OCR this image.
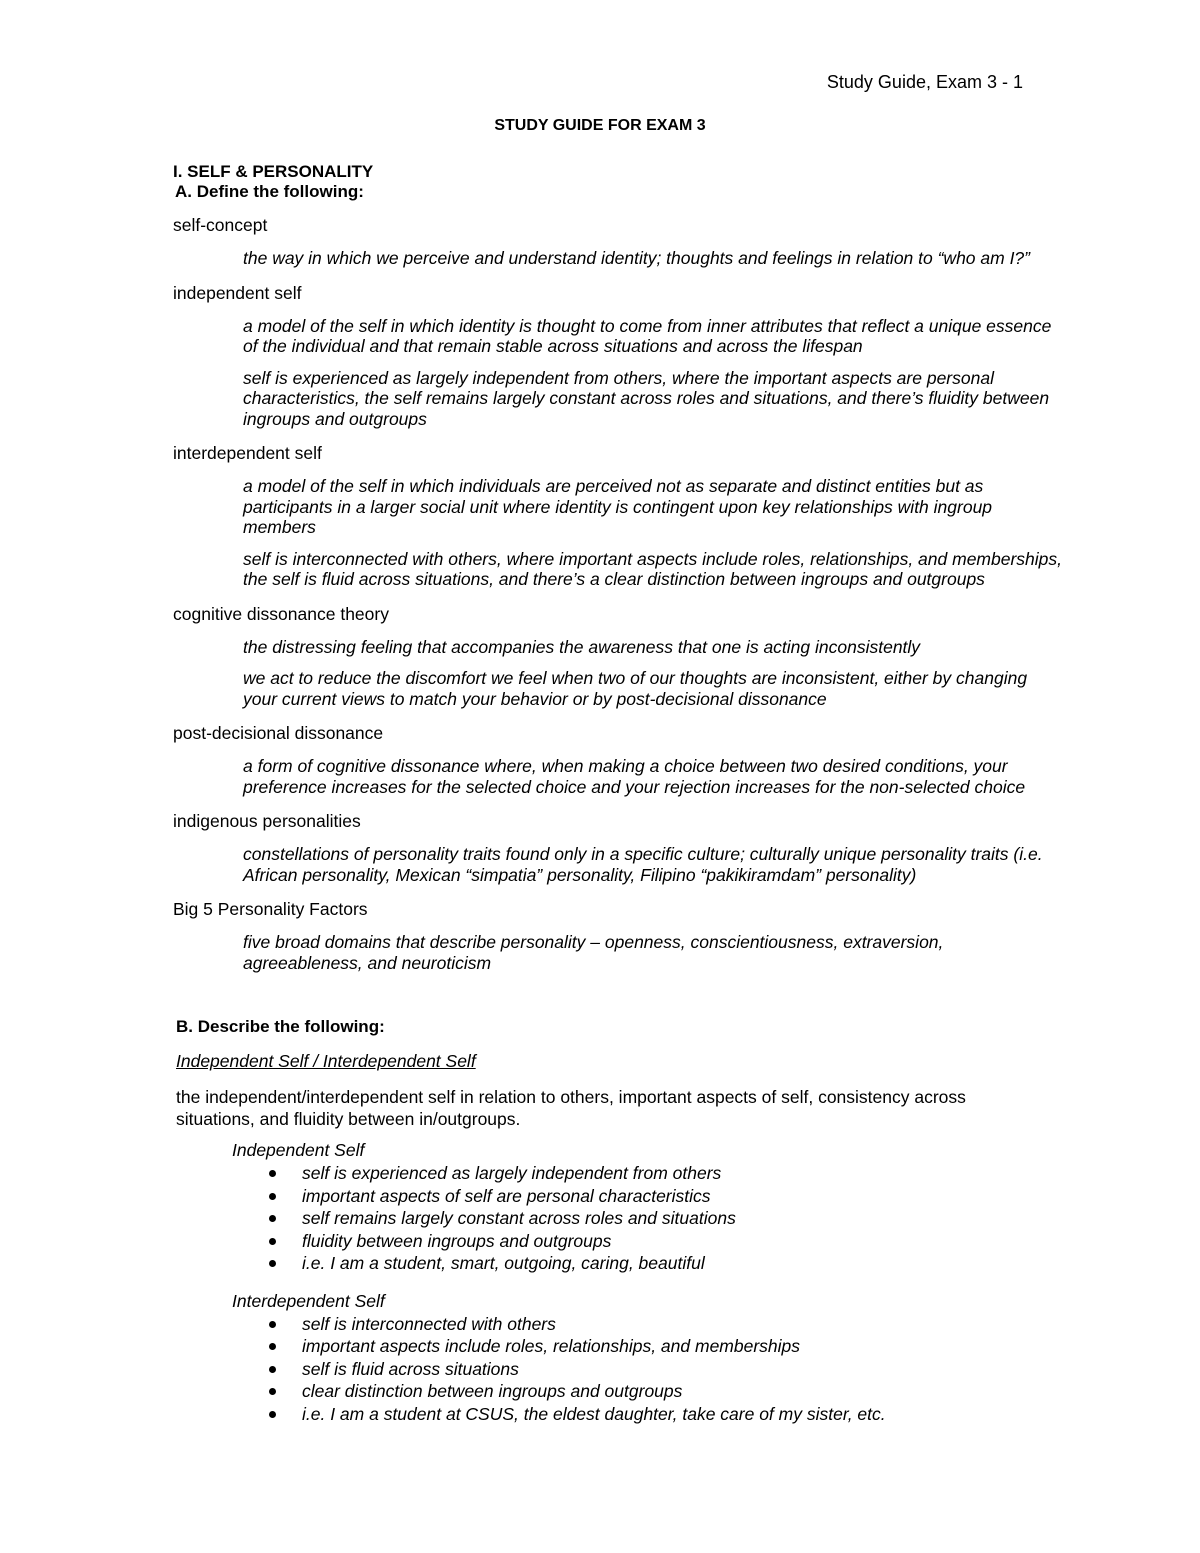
Study Guide, Exam 3 - 1
STUDY GUIDE FOR EXAM 3
I. SELF & PERSONALITY
A. Define the following:
self-concept
the way in which we perceive and understand identity; thoughts and feelings in relation to “who am I?”
independent self
a model of the self in which identity is thought to come from inner attributes that reflect a unique essence of the individual and that remain stable across situations and across the lifespan
self is experienced as largely independent from others, where the important aspects are personal characteristics, the self remains largely constant across roles and situations, and there’s fluidity between ingroups and outgroups
interdependent self
a model of the self in which individuals are perceived not as separate and distinct entities but as participants in a larger social unit where identity is contingent upon key relationships with ingroup members
self is interconnected with others, where important aspects include roles, relationships, and memberships, the self is fluid across situations, and there’s a clear distinction between ingroups and outgroups
cognitive dissonance theory
the distressing feeling that accompanies the awareness that one is acting inconsistently
we act to reduce the discomfort we feel when two of our thoughts are inconsistent, either by changing your current views to match your behavior or by post-decisional dissonance
post-decisional dissonance
a form of cognitive dissonance where, when making a choice between two desired conditions, your preference increases for the selected choice and your rejection increases for the non-selected choice
indigenous personalities
constellations of personality traits found only in a specific culture; culturally unique personality traits (i.e. African personality, Mexican “simpatia” personality, Filipino “pakikiramdam” personality)
Big 5 Personality Factors
five broad domains that describe personality – openness, conscientiousness, extraversion, agreeableness, and neuroticism
B. Describe the following:
Independent Self / Interdependent Self
the independent/interdependent self in relation to others, important aspects of self, consistency across situations, and fluidity between in/outgroups.
Independent Self
self is experienced as largely independent from others
important aspects of self are personal characteristics
self remains largely constant across roles and situations
fluidity between ingroups and outgroups
i.e. I am a student, smart, outgoing, caring, beautiful
Interdependent Self
self is interconnected with others
important aspects include roles, relationships, and memberships
self is fluid across situations
clear distinction between ingroups and outgroups
i.e. I am a student at CSUS, the eldest daughter, take care of my sister, etc.
